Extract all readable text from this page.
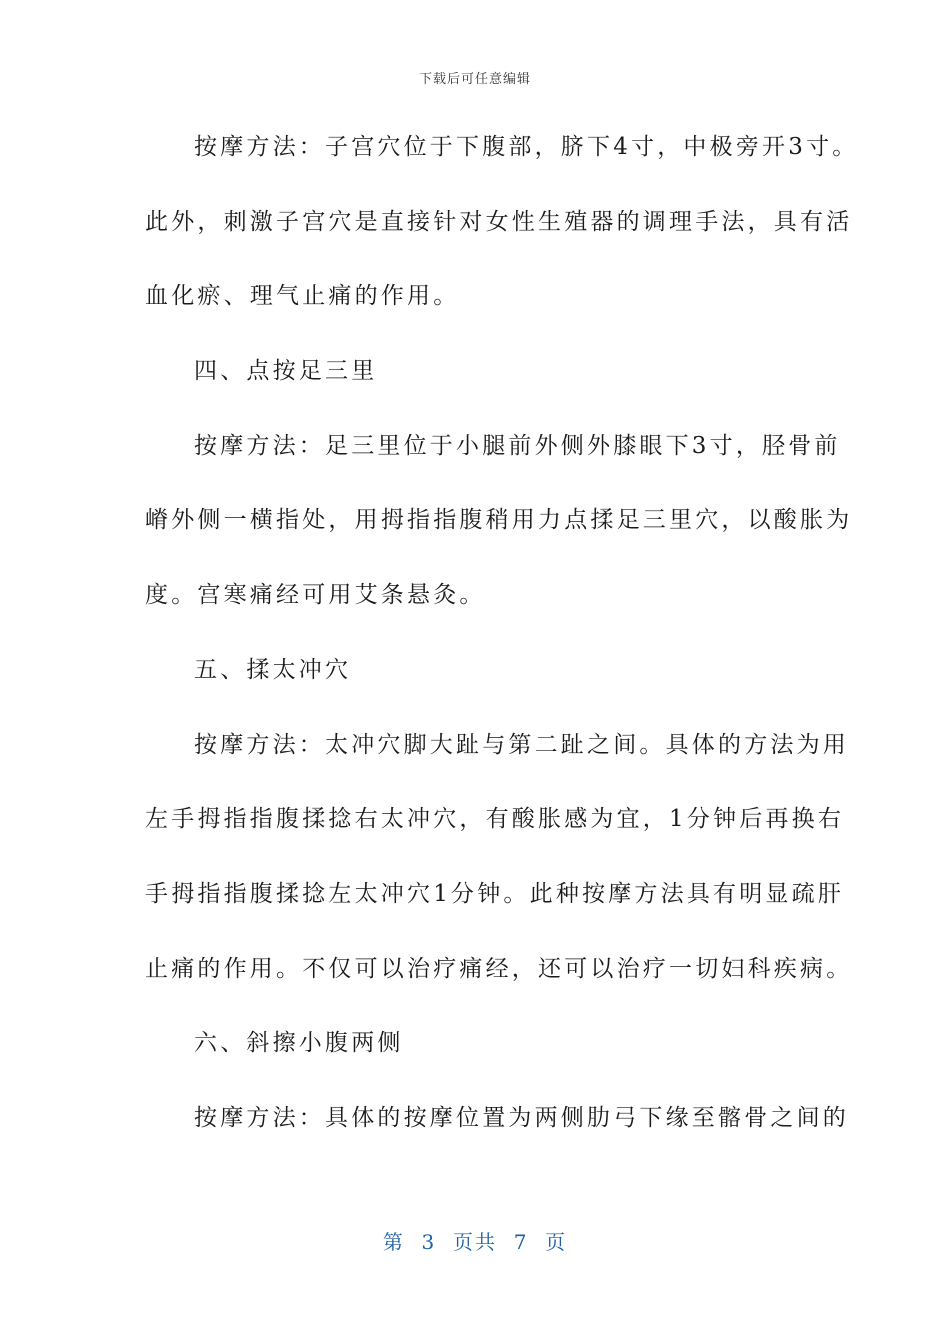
下载后可任意编辑
按摩方法：子宫穴位于下腹部，脐下4寸，中极旁开3寸。
此外，刺激子宫穴是直接针对女性生殖器的调理手法，具有活
血化瘀、理气止痛的作用。
四、点按足三里
按摩方法：足三里位于小腿前外侧外膝眼下3寸，胫骨前
嵴外侧一横指处，用拇指指腹稍用力点揉足三里穴，以酸胀为
度。宫寒痛经可用艾条悬灸。
五、揉太冲穴
按摩方法：太冲穴脚大趾与第二趾之间。具体的方法为用
左手拇指指腹揉捻右太冲穴，有酸胀感为宜，1分钟后再换右
手拇指指腹揉捻左太冲穴1分钟。此种按摩方法具有明显疏肝
止痛的作用。不仅可以治疗痛经，还可以治疗一切妇科疾病。
六、斜擦小腹两侧
按摩方法：具体的按摩位置为两侧肋弓下缘至髂骨之间的
第  3  页共  7  页
